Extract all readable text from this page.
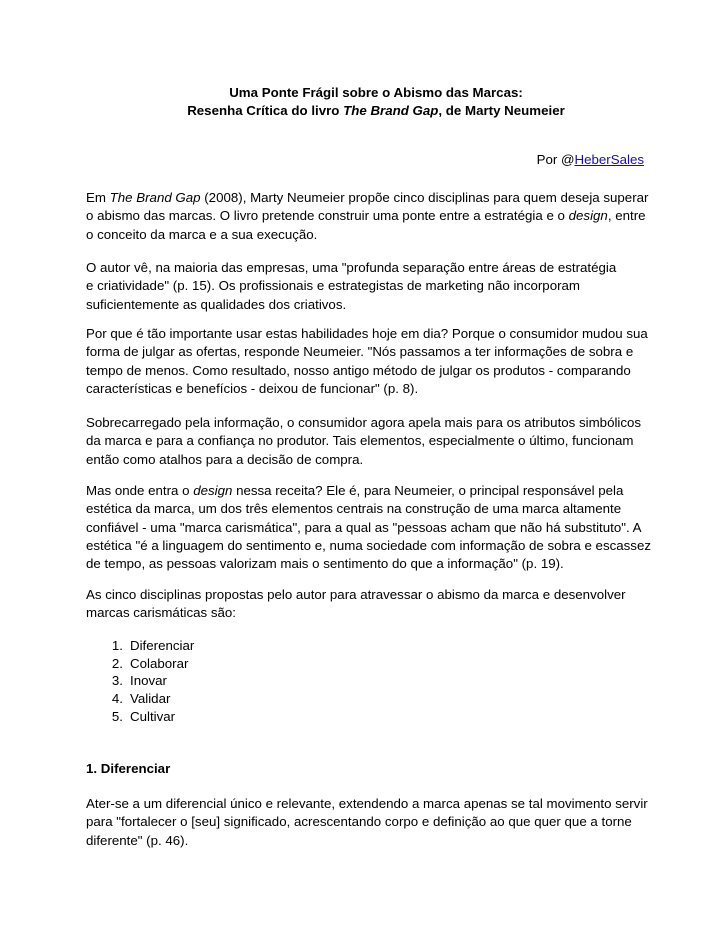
Uma Ponte Frágil sobre o Abismo das Marcas:
Resenha Crítica do livro The Brand Gap, de Marty Neumeier
Por @HeberSales

Em The Brand Gap (2008), Marty Neumeier propõe cinco disciplinas para quem deseja superar
o abismo das marcas. O livro pretende construir uma ponte entre a estratégia e o design, entre
o conceito da marca e a sua execução.

O autor vê, na maioria das empresas, uma "profunda separação entre áreas de estratégia
e criatividade" (p. 15). Os profissionais e estrategistas de marketing não incorporam
suficientemente as qualidades dos criativos.

Por que é tão importante usar estas habilidades hoje em dia? Porque o consumidor mudou sua
forma de julgar as ofertas, responde Neumeier. "Nós passamos a ter informações de sobra e
tempo de menos. Como resultado, nosso antigo método de julgar os produtos - comparando
características e benefícios - deixou de funcionar" (p. 8).

Sobrecarregado pela informação, o consumidor agora apela mais para os atributos simbólicos
da marca e para a confiança no produtor. Tais elementos, especialmente o último, funcionam
então como atalhos para a decisão de compra.

Mas onde entra o design nessa receita? Ele é, para Neumeier, o principal responsável pela
estética da marca, um dos três elementos centrais na construção de uma marca altamente
confiável - uma "marca carismática", para a qual as "pessoas acham que não há substituto". A
estética "é a linguagem do sentimento e, numa sociedade com informação de sobra e escassez
de tempo, as pessoas valorizam mais o sentimento do que a informação" (p. 19).

As cinco disciplinas propostas pelo autor para atravessar o abismo da marca e desenvolver
marcas carismáticas são:

1. Diferenciar
2. Colaborar
3. Inovar
4. Validar
5. Cultivar
1. Diferenciar

Ater-se a um diferencial único e relevante, extendendo a marca apenas se tal movimento servir
para "fortalecer o [seu] significado, acrescentando corpo e definição ao que quer que a torne
diferente" (p. 46).
